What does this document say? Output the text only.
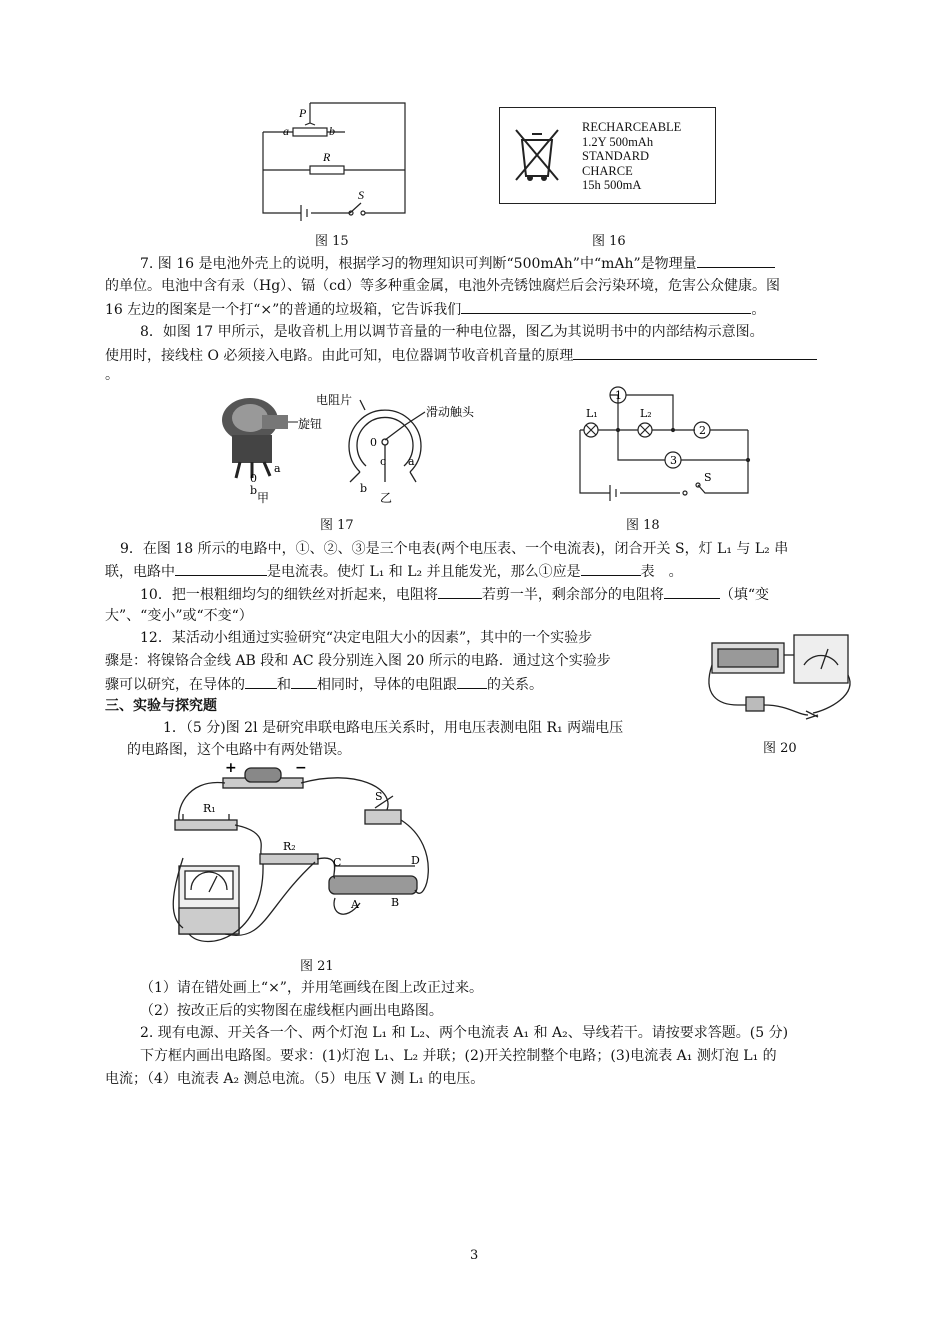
P
a	b
R
S
图 15
RECHARCEABLE
1.2Y 500mAh
STANDARD
CHARCE
15h 500mA
图 16
7. 图 16 是电池外壳上的说明，根据学习的物理知识可判断“500mAh”中“mAh”是物理量
的单位。电池中含有汞（Hg）、镉（cd）等多种重金属，电池外壳锈蚀腐烂后会污染环境，危害公众健康。图
16 左边的图案是一个打“×”的普通的垃圾箱，它告诉我们	。
8．如图 17 甲所示，是收音机上用以调节音量的一种电位器，图乙为其说明书中的内部结构示意图。
使用时，接线柱 O 必须接入电路。由此可知，电位器调节收音机音量的原理
。
旋钮
0
a
b
甲
电阻片
滑动触头
0
c a
b
乙
图 17
1
2
3
L₁	L₂
S
图 18
9．在图 18 所示的电路中，①、②、③是三个电表(两个电压表、一个电流表)，闭合开关 S，灯 L₁ 与 L₂ 串
联，电路中	是电流表。使灯 L₁ 和 L₂ 并且能发光，那么①应是	表　。
10．把一根粗细均匀的细铁丝对折起来，电阻将	若剪一半，剩余部分的电阻将	（填“变
大”、“变小”或“不变“）
12．某活动小组通过实验研究“决定电阻大小的因素”，其中的一个实验步
骤是：将镍铬合金线 AB 段和 AC 段分别连入图 20 所示的电路．通过这个实验步
骤可以研究，在导体的 和 相同时，导体的电阻跟 的关系。
图 20
三、实验与探究题
1．（5 分)图 2l 是研究串联电路电压关系时，用电压表测电阻 R₁ 两端电压
的电路图，这个电路中有两处错误。
+	−
R₁
R₂
S
C	D
A	B
图 21
（1）请在错处画上“×”，并用笔画线在图上改正过来。
（2）按改正后的实物图在虚线框内画出电路图。
2. 现有电源、开关各一个、两个灯泡 L₁ 和 L₂、两个电流表 A₁ 和 A₂、导线若干。请按要求答题。(5 分)
下方框内画出电路图。要求：(1)灯泡 L₁、L₂ 并联；(2)开关控制整个电路；(3)电流表 A₁ 测灯泡 L₁ 的
电流；（4）电流表 A₂ 测总电流。（5）电压 V 测 L₁ 的电压。
3
